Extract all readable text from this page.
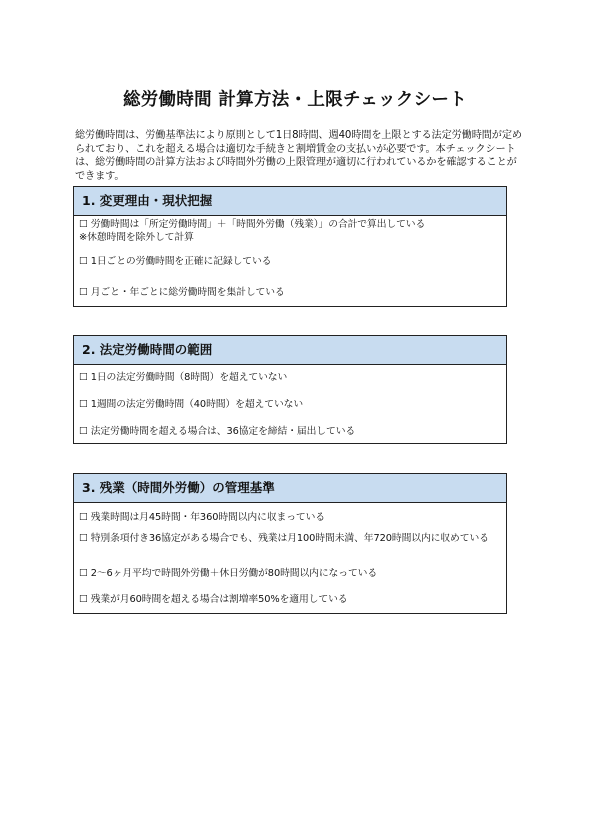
総労働時間 計算方法・上限チェックシート

総労働時間は、労働基準法により原則として1日8時間、週40時間を上限とする法定労働時間が定められており、これを超える場合は適切な手続きと割増賃金の支払いが必要です。本チェックシートは、総労働時間の計算方法および時間外労働の上限管理が適切に行われているかを確認することができます。

1. 変更理由・現状把握
☐ 労働時間は「所定労働時間」＋「時間外労働（残業）」の合計で算出している
※休憩時間を除外して計算
☐ 1日ごとの労働時間を正確に記録している
☐ 月ごと・年ごとに総労働時間を集計している
2. 法定労働時間の範囲
☐ 1日の法定労働時間（8時間）を超えていない
☐ 1週間の法定労働時間（40時間）を超えていない
☐ 法定労働時間を超える場合は、36協定を締結・届出している
3. 残業（時間外労働）の管理基準
☐ 残業時間は月45時間・年360時間以内に収まっている
☐ 特別条項付き36協定がある場合でも、残業は月100時間未満、年720時間以内に収めている
☐ 2～6ヶ月平均で時間外労働＋休日労働が80時間以内になっている
☐ 残業が月60時間を超える場合は割増率50%を適用している
